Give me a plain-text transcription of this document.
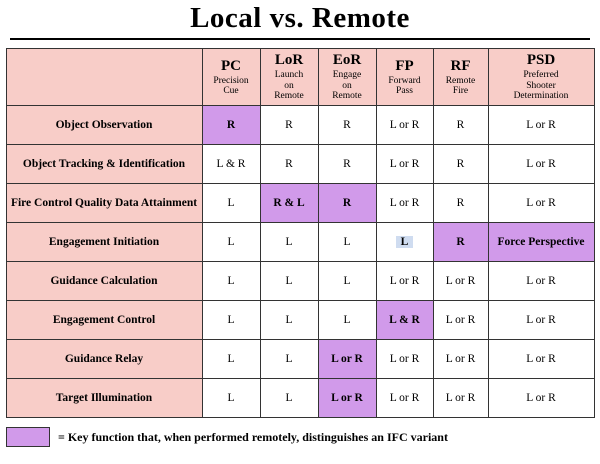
Local vs. Remote

	PC
Precision
Cue	LoR
Launch
on
Remote	EoR
Engage
on
Remote	FP
Forward
Pass	RF
Remote
Fire	PSD
Preferred
Shooter
Determination

Object Observation	R	R	R	L or R	R	L or R
Object Tracking & Identification	L & R	R	R	L or R	R	L or R
Fire Control Quality Data Attainment	L	R & L	R	L or R	R	L or R
Engagement Initiation	L	L	L	L	R	Force Perspective
Guidance Calculation	L	L	L	L or R	L or R	L or R
Engagement Control	L	L	L	L & R	L or R	L or R
Guidance Relay	L	L	L or R	L or R	L or R	L or R
Target Illumination	L	L	L or R	L or R	L or R	L or R
= Key function that, when performed remotely, distinguishes an IFC variant
